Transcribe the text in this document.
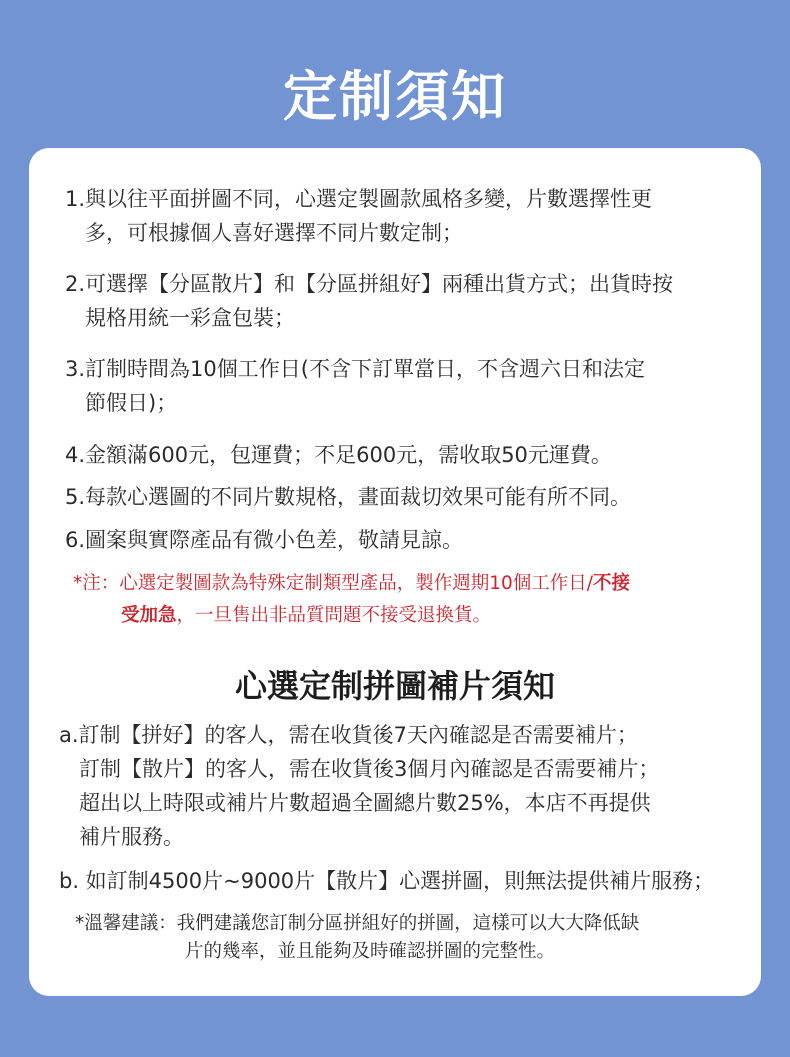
定制須知
1.與以往平面拼圖不同，心選定製圖款風格多變，片數選擇性更
多，可根據個人喜好選擇不同片數定制；
2.可選擇【分區散片】和【分區拼組好】兩種出貨方式；出貨時按
規格用統一彩盒包裝；
3.訂制時間為10個工作日(不含下訂單當日，不含週六日和法定
節假日)；
4.金額滿600元，包運費；不足600元，需收取50元運費。
5.每款心選圖的不同片數規格，畫面裁切效果可能有所不同。
6.圖案與實際產品有微小色差，敬請見諒。
*注：心選定製圖款為特殊定制類型產品，製作週期10個工作日/不接
受加急，一旦售出非品質問題不接受退換貨。
心選定制拼圖補片須知
a.訂制【拼好】的客人，需在收貨後7天內確認是否需要補片；
訂制【散片】的客人，需在收貨後3個月內確認是否需要補片；
超出以上時限或補片片數超過全圖總片數25%，本店不再提供
補片服務。
b. 如訂制4500片~9000片【散片】心選拼圖，則無法提供補片服務；
*溫馨建議：我們建議您訂制分區拼組好的拼圖，這樣可以大大降低缺
片的幾率，並且能夠及時確認拼圖的完整性。
